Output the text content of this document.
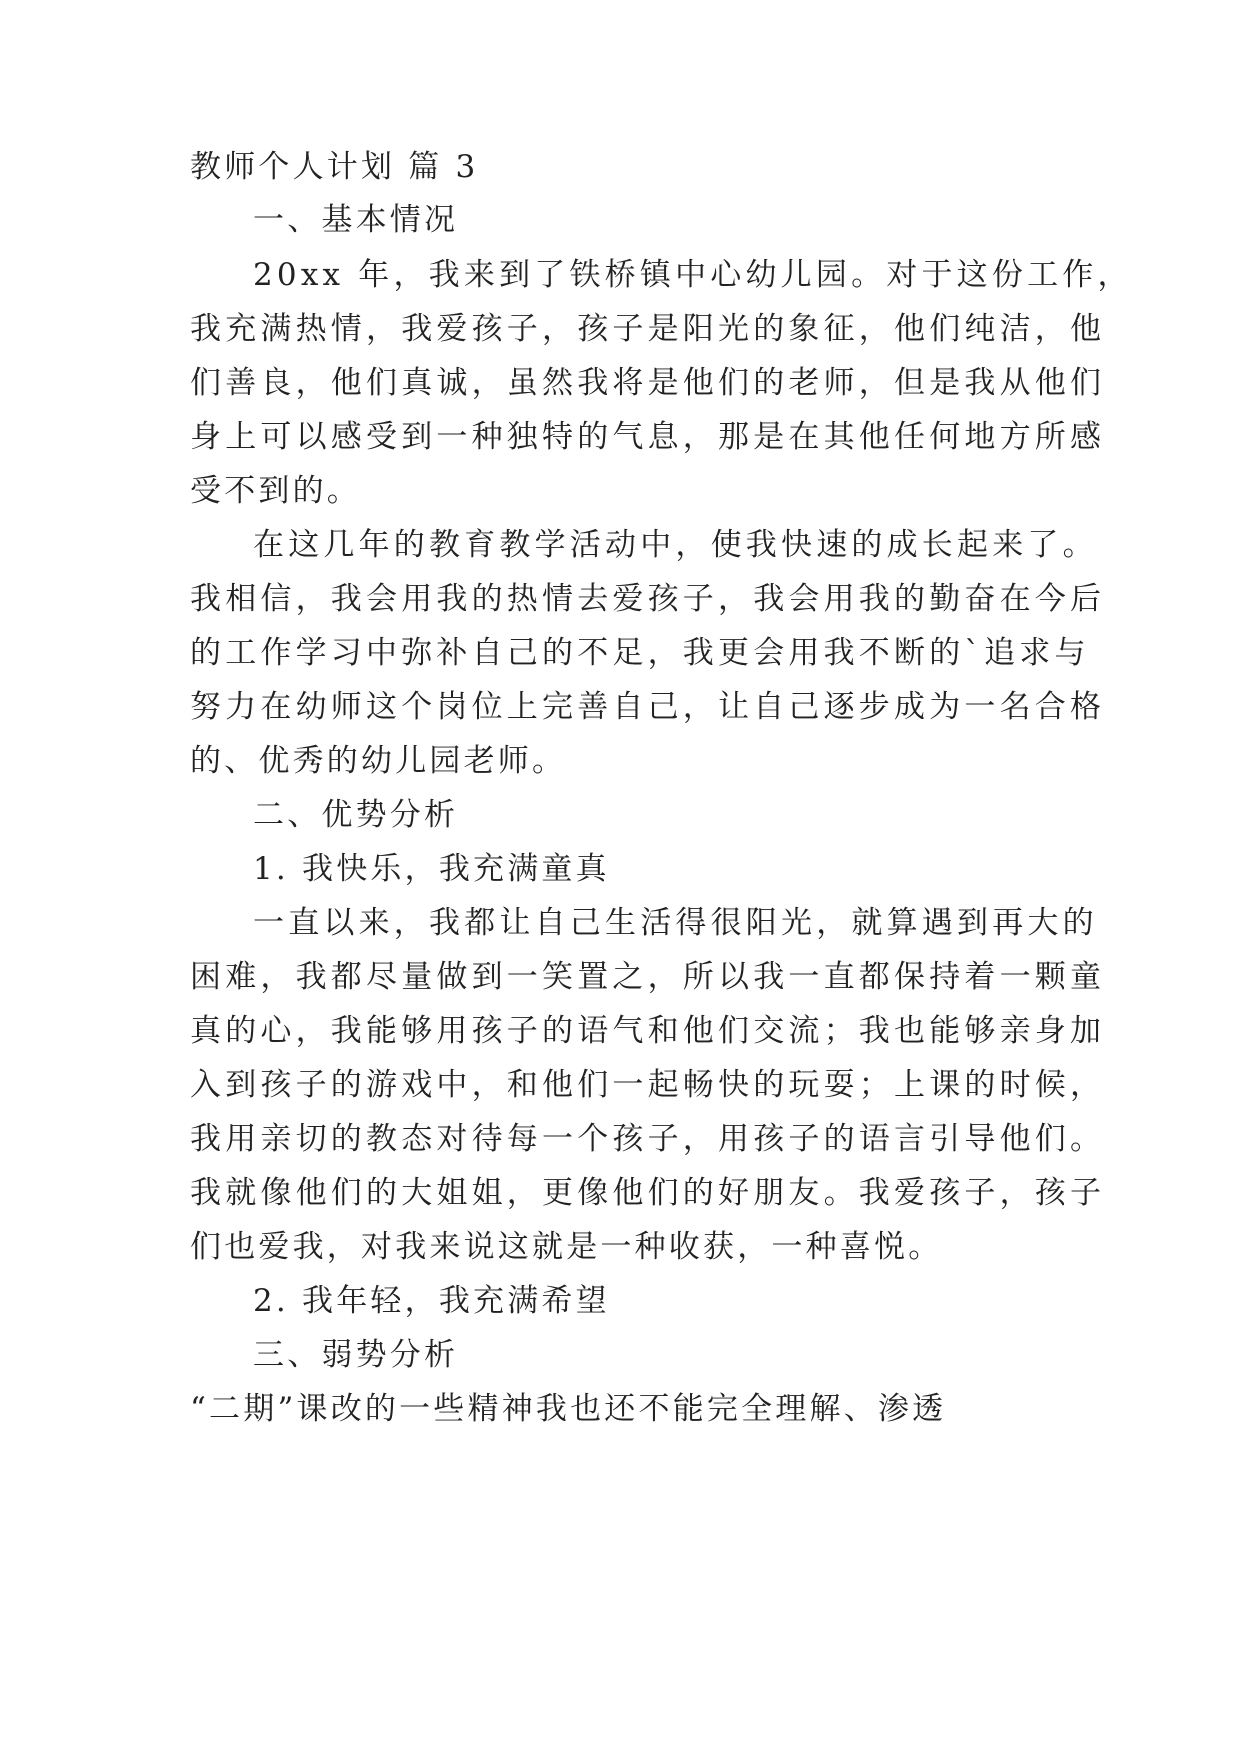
教师个人计划 篇 3
一、基本情况
20xx 年，我来到了铁桥镇中心幼儿园。对于这份工作，
我充满热情，我爱孩子，孩子是阳光的象征，他们纯洁，他
们善良，他们真诚，虽然我将是他们的老师，但是我从他们
身上可以感受到一种独特的气息，那是在其他任何地方所感
受不到的。
在这几年的教育教学活动中，使我快速的成长起来了。
我相信，我会用我的热情去爱孩子，我会用我的勤奋在今后
的工作学习中弥补自己的不足，我更会用我不断的`追求与
努力在幼师这个岗位上完善自己，让自己逐步成为一名合格
的、优秀的幼儿园老师。
二、优势分析
1. 我快乐，我充满童真
一直以来，我都让自己生活得很阳光，就算遇到再大的
困难，我都尽量做到一笑置之，所以我一直都保持着一颗童
真的心，我能够用孩子的语气和他们交流；我也能够亲身加
入到孩子的游戏中，和他们一起畅快的玩耍；上课的时候，
我用亲切的教态对待每一个孩子，用孩子的语言引导他们。
我就像他们的大姐姐，更像他们的好朋友。我爱孩子，孩子
们也爱我，对我来说这就是一种收获，一种喜悦。
2. 我年轻，我充满希望
三、弱势分析
“二期”课改的一些精神我也还不能完全理解、渗透
